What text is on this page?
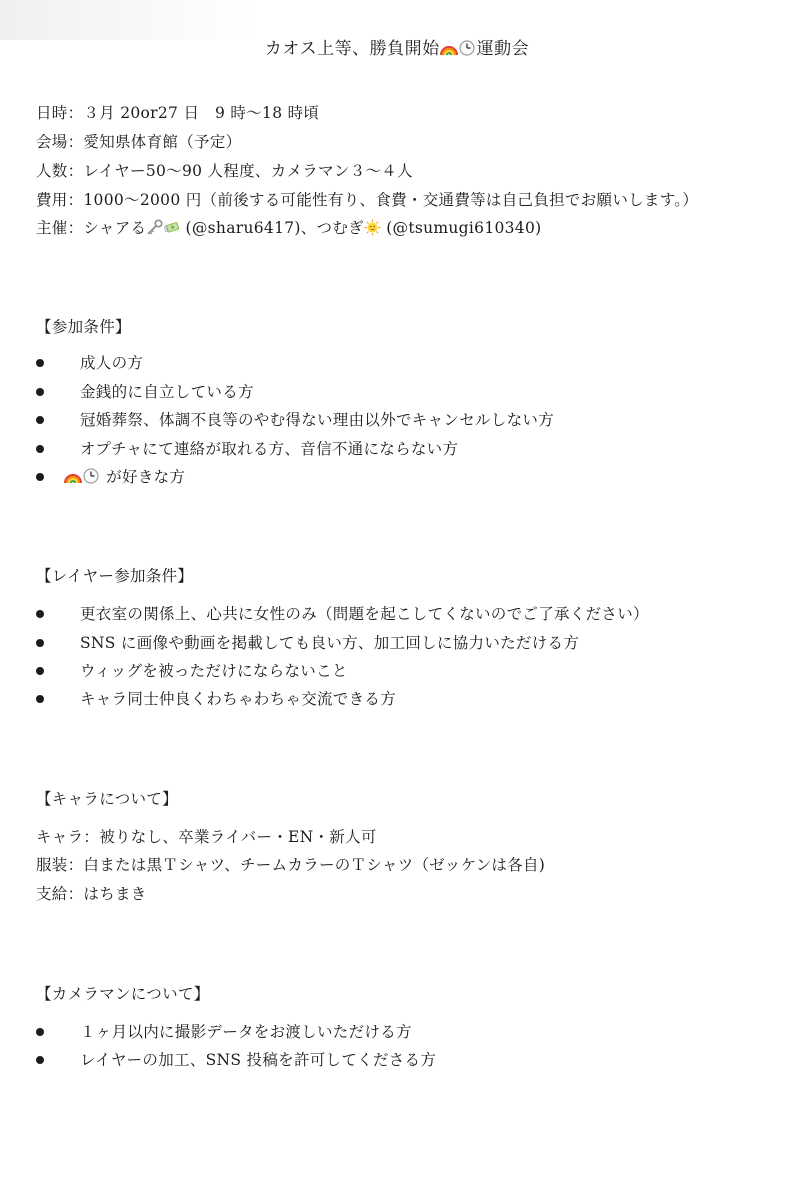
カオス上等、勝負開始 運動会
日時：３月 20or27 日　9 時〜18 時頃
会場：愛知県体育館（予定）
人数：レイヤー50〜90 人程度、カメラマン３〜４人
費用：1000〜2000 円（前後する可能性有り、食費・交通費等は自己負担でお願いします。）
主催：シャアる	(@sharu6417)、つむぎ (@tsumugi610340)
【参加条件】
成人の方
金銭的に自立している方
冠婚葬祭、体調不良等のやむ得ない理由以外でキャンセルしない方
オプチャにて連絡が取れる方、音信不通にならない方
が好きな方
【レイヤー参加条件】
更衣室の関係上、心共に女性のみ（問題を起こしてくないのでご了承ください）
SNS に画像や動画を掲載しても良い方、加工回しに協力いただける方
ウィッグを被っただけにならないこと
キャラ同士仲良くわちゃわちゃ交流できる方
【キャラについて】
キャラ：被りなし、卒業ライバー・EN・新人可
服装：白または黒Ｔシャツ、チームカラーのＴシャツ（ゼッケンは各自)
支給：はちまき
【カメラマンについて】
１ヶ月以内に撮影データをお渡しいただける方
レイヤーの加工、SNS 投稿を許可してくださる方
